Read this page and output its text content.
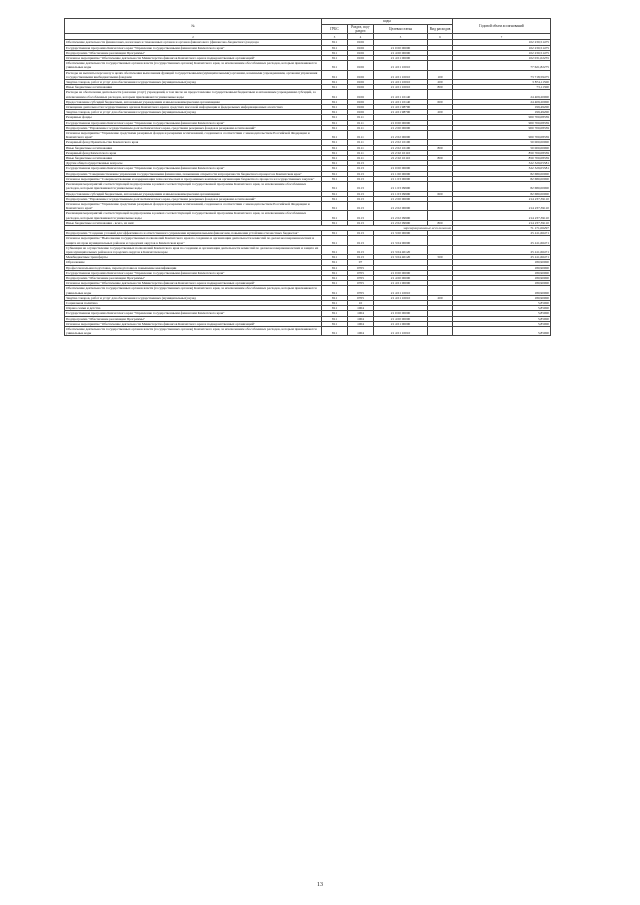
№	коды				Годовой объем ассигнований
	ГРБС	Раздел, под-раздел	Целевая статья	Вид расходов	
2	3	4	5	6	7
Обеспечение деятельности финансовых, налоговых и таможенных органов и органов финансового (финансово-бюджетного) надзора	811	0106			102 230,51475
Государственная программа Камчатского края "Управление государственными финансами Камчатского края"	811	0106	21 0 00 00000		102 230,51475
Подпрограмма "Обеспечение реализации Программы"	811	0106	21 4 00 00000		102 230,51475
Основное мероприятие "Обеспечение деятельности Министерства финансов Камчатского края и подведомственных организаций"	811	0106	21 4 01 00000		102 031,02255
Обеспечение деятельности государственных органов власти (государственных органов) Камчатского края, за исключением обособленных расходов, которым присваиваются уникальные коды	811	0106	21 4 01 10010		77 621,82275
Расходы на выплаты персоналу в целях обеспечения выполнения функций государственными (муниципальными) органами, казенными учреждениями, органами управления государственными внебюджетными фондами	811	0106	21 4 01 10010	100	73 718,59475
Закупка товаров, работ и услуг для обеспечения государственных (муниципальных) нужд	811	0106	21 4 01 10010	200	3 874,11500
Иные бюджетные ассигнования	811	0106	21 4 01 10010	800	73,11300
Расходы на обеспечение деятельности (оказание услуг) учреждений, в том числе на предоставление государственным бюджетным и автономным учреждениям субсидий, за исключением обособленных расходов, которым присваиваются уникальные коды	811	0106	21 4 01 10140		24 409,20000
Предоставление субсидий бюджетным, автономным учреждениям и иным некоммерческим организациям	811	0106	21 4 01 10140	600	24 409,20000
Освещение деятельности государственных органов Камчатского края в средствах массовой информации и федеральных информационных агентствах	811	0106	21 4 01 98700		199,49200
Закупка товаров, работ и услуг для обеспечения государственных (муниципальных) нужд	811	0106	21 4 01 98700	200	199,49200
Резервные фонды	811	0111			900 700,08339
Государственная программа Камчатского края "Управление государственными финансами Камчатского края"	811	0111	21 0 00 00000		900 700,08339
Подпрограмма "Управление государственным долгом Камчатского края, средствами резервных фондов и резервами ассигнований"	811	0111	21 2 00 00000		900 700,08339
Основное мероприятие "Управление средствами резервных фондов и резервами ассигнований, созданных в соответствии с законодательством Российской Федерации и Камчатского края"	811	0111	21 2 02 00000		900 700,08339
Резервный фонд Правительства Камчатского края	811	0111	21 2 02 10100		50 000,00000
Иные бюджетные ассигнования	811	0111	21 2 02 10100	800	50 000,00000
Резервный фонд Камчатского края	811	0111	21 2 02 10110		850 700,08339
Иные бюджетные ассигнования	811	0111	21 2 02 10110	800	850 700,08339
Другие общегосударственные вопросы	811	0113			322 329,05581
Государственная программа Камчатского края "Управление государственными финансами Камчатского края"	811	0113	21 0 00 00000		322 329,05581
Подпрограмма "Совершенствование управления государственными финансами, повышение открытости и прозрачности бюджетного процесса в Камчатском крае"	811	0113	21 1 00 00000		82 680,00000
Основное мероприятие "Совершенствование и модернизация технологических и программных комплексов организации бюджетного процесса и государственных закупок"	811	0113	21 1 03 00000		82 680,00000
Реализация мероприятий соответствующей подпрограммы в рамках соответствующей государственной программы Камчатского края, за исключением обособленных расходов, которым присваиваются уникальные коды	811	0113	21 1 03 09990		82 680,00000
Предоставление субсидий бюджетным, автономным учреждениям и иным некоммерческим организациям	811	0113	21 1 03 09990	600	82 680,00000
Подпрограмма "Управление государственным долгом Камчатского края, средствами резервных фондов и резервами ассигнований"	811	0113	21 2 00 00000		214 237,39110
Основное мероприятие "Управление средствами резервных фондов и резервами ассигнований, созданных в соответствии с законодательством Российской Федерации и Камчатского края"	811	0113	21 2 02 00000		214 237,39110
Реализация мероприятий соответствующей подпрограммы в рамках соответствующей государственной программы Камчатского края, за исключением обособленных расходов, которым присваиваются уникальные коды	811	0113	21 2 02 09990		214 237,39110
Иные бюджетные ассигнования - всего, из них:	811	0113	21 2 02 09990	800	214 237,39110
зарезервированные ассигнования					71 171,06297
Подпрограмма "Создание условий для эффективного и ответственного управления муниципальными финансами, повышения устойчивости местных бюджетов"	811	0113	21 3 00 00000		25 411,66471
Основное мероприятие "Выполнение государственных полномочий Камчатского края по созданию и организации деятельности комиссий по делам несовершеннолетних и защите их прав муниципальных районов и городских округов в Камчатском крае"	811	0113	21 3 04 00000		25 411,66471
Субвенции на осуществление государственных полномочий Камчатского края по созданию и организации деятельности комиссий по делам несовершеннолетних и защите их прав муниципальных районов и городских округов в Камчатском крае	811	0113	21 3 04 40120		25 411,66471
Межбюджетные трансферты	811	0113	21 3 04 40120	500	25 411,66471
Образование	811	07			180,90000
Профессиональная подготовка, переподготовка и повышение квалификации	811	0705			180,90000
Государственная программа Камчатского края "Управление государственными финансами Камчатского края"	811	0705	21 0 00 00000		180,90000
Подпрограмма "Обеспечение реализации Программы"	811	0705	21 4 00 00000		180,90000
Основное мероприятие "Обеспечение деятельности Министерства финансов Камчатского края и подведомственных организаций"	811	0705	21 4 01 00000		180,90000
Обеспечение деятельности государственных органов власти (государственных органов) Камчатского края, за исключением обособленных расходов, которым присваиваются уникальные коды	811	0705	21 4 01 10010		180,90000
Закупка товаров, работ и услуг для обеспечения государственных (муниципальных) нужд	811	0705	21 4 01 10010	200	180,90000
Социальная политика	811	10			5,85000
Охрана семьи и детства	811	1004			5,85000
Государственная программа Камчатского края "Управление государственными финансами Камчатского края"	811	1004	21 0 00 00000		5,85000
Подпрограмма "Обеспечение реализации Программы"	811	1004	21 4 00 00000		5,85000
Основное мероприятие "Обеспечение деятельности Министерства финансов Камчатского края и подведомственных организаций"	811	1004	21 4 01 00000		5,85000
Обеспечение деятельности государственных органов власти (государственных органов) Камчатского края, за исключением обособленных расходов, которым присваиваются уникальные коды	811	1004	21 4 01 10010		5,85000
13
